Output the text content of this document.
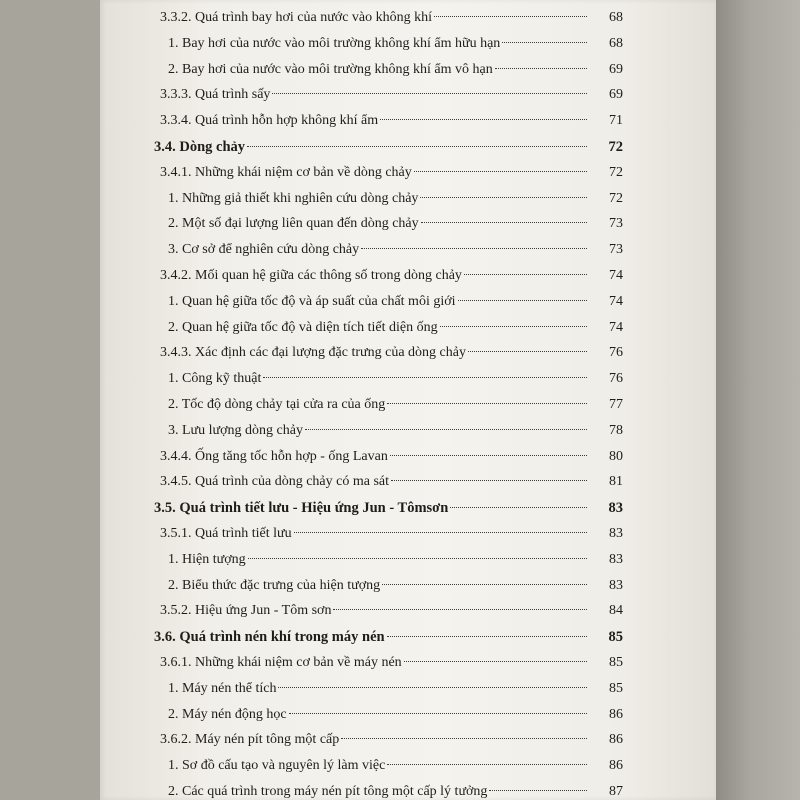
3.3.2. Quá trình bay hơi của nước vào không khí	68
1. Bay hơi của nước vào môi trường không khí ẩm hữu hạn	68
2. Bay hơi của nước vào môi trường không khí ẩm vô hạn	69
3.3.3. Quá trình sấy	69
3.3.4. Quá trình hỗn hợp không khí ẩm	71
3.4. Dòng chảy	72
3.4.1. Những khái niệm cơ bản về dòng chảy	72
1. Những giả thiết khi nghiên cứu dòng chảy	72
2. Một số đại lượng liên quan đến dòng chảy	73
3. Cơ sở để nghiên cứu dòng chảy	73
3.4.2. Mối quan hệ giữa các thông số trong dòng chảy	74
1. Quan hệ giữa tốc độ và áp suất của chất môi giới	74
2. Quan hệ giữa tốc độ và diện tích tiết diện ống	74
3.4.3. Xác định các đại lượng đặc trưng của dòng chảy	76
1. Công kỹ thuật	76
2. Tốc độ dòng chảy tại cửa ra của ống	77
3. Lưu lượng dòng chảy	78
3.4.4. Ống tăng tốc hỗn hợp - ống Lavan	80
3.4.5. Quá trình của dòng chảy có ma sát	81
3.5. Quá trình tiết lưu - Hiệu ứng Jun - Tômsơn	83
3.5.1. Quá trình tiết lưu	83
1. Hiện tượng	83
2. Biểu thức đặc trưng của hiện tượng	83
3.5.2. Hiệu ứng Jun - Tôm sơn	84
3.6. Quá trình nén khí trong máy nén	85
3.6.1. Những khái niệm cơ bản về máy nén	85
1. Máy nén thể tích	85
2. Máy nén động học	86
3.6.2. Máy nén pít tông một cấp	86
1. Sơ đồ cấu tạo và nguyên lý làm việc	86
2. Các quá trình trong máy nén pít tông một cấp lý tưởng	87
